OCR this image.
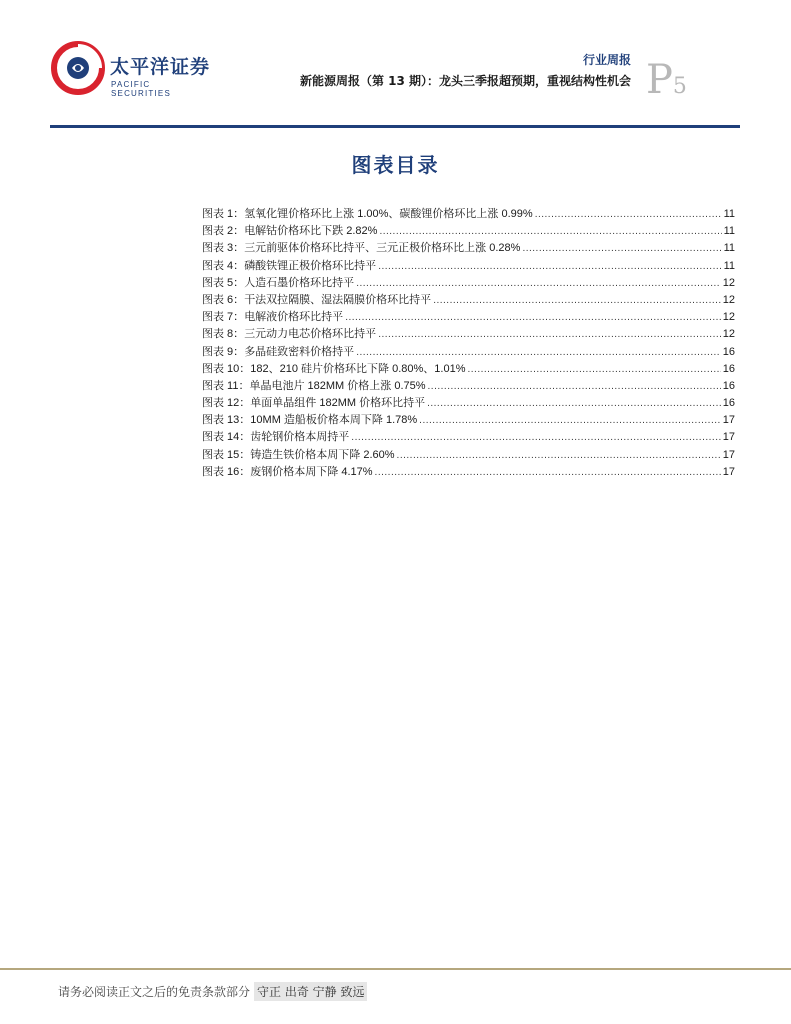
太平洋证券
PACIFIC SECURITIES
行业周报
新能源周报（第 13 期）：龙头三季报超预期，重视结构性机会 P5
图表目录
图表 1： 氢氧化锂价格环比上涨 1.00%、碳酸锂价格环比上涨 0.99% .....	11
图表 2： 电解钴价格环比下跌 2.82% .....	11
图表 3： 三元前驱体价格环比持平、三元正极价格环比上涨 0.28% .....	11
图表 4： 磷酸铁锂正极价格环比持平 .....	11
图表 5： 人造石墨价格环比持平 .....	12
图表 6： 干法双拉隔膜、湿法隔膜价格环比持平 .....	12
图表 7： 电解液价格环比持平 .....	12
图表 8： 三元动力电芯价格环比持平 .....	12
图表 9： 多晶硅致密料价格持平 .....	16
图表 10： 182、210 硅片价格环比下降 0.80%、1.01% .....	16
图表 11： 单晶电池片 182MM 价格上涨 0.75% .....	16
图表 12： 单面单晶组件 182MM 价格环比持平 .....	16
图表 13： 10MM 造船板价格本周下降 1.78% .....	17
图表 14： 齿轮钢价格本周持平 .....	17
图表 15： 铸造生铁价格本周下降 2.60% .....	17
图表 16： 废钢价格本周下降 4.17% .....	17
请务必阅读正文之后的免责条款部分 守正 出奇 宁静 致远
